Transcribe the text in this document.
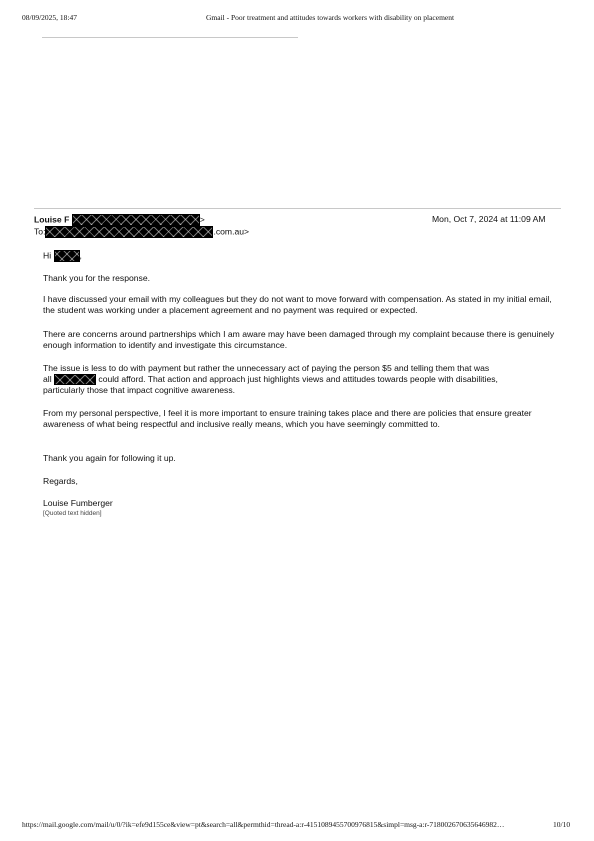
08/09/2025, 18:47	Gmail - Poor treatment and attitudes towards workers with disability on placement
Louise F	>	Mon, Oct 7, 2024 at 11:09 AM
To:	.com.au>
Hi	,

Thank you for the response.

I have discussed your email with my colleagues but they do not want to move forward with compensation. As stated in my initial email, the student was working under a placement agreement and no payment was required or expected.

There are concerns around partnerships which I am aware may have been damaged through my complaint because there is genuinely enough information to identify and investigate this circumstance.

The issue is less to do with payment but rather the unnecessary act of paying the person $5 and telling them that was
all	could afford. That action and approach just highlights views and attitudes towards people with disabilities,
particularly those that impact cognitive awareness.

From my personal perspective, I feel it is more important to ensure training takes place and there are policies that ensure greater awareness of what being respectful and inclusive really means, which you have seemingly committed to.

Thank you again for following it up.

Regards,

Louise Fumberger

[Quoted text hidden]
https://mail.google.com/mail/u/0/?ik=efe9d155ce&view=pt&search=all&permthid=thread-a:r-4151089455700976815&simpl=msg-a:r-718002670635646982…	10/10
